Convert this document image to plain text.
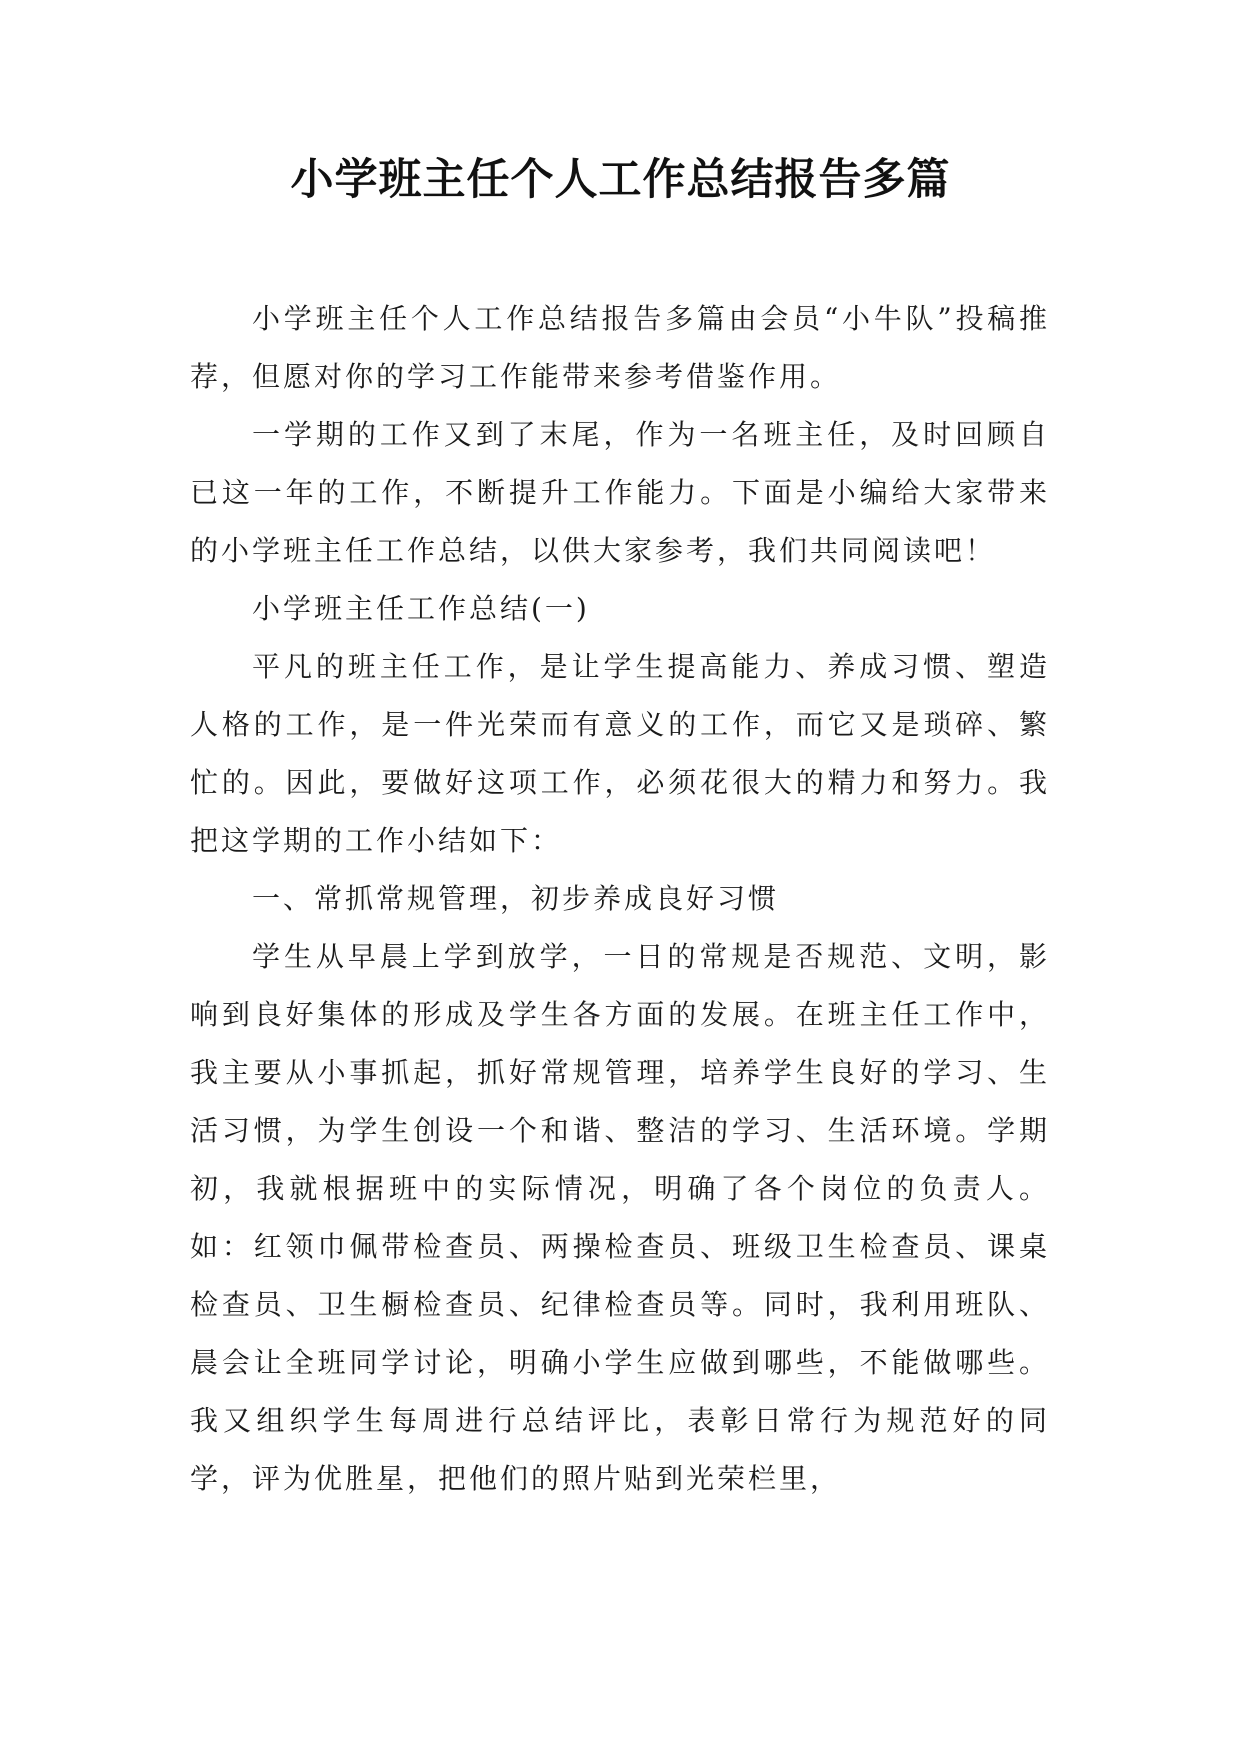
小学班主任个人工作总结报告多篇

小学班主任个人工作总结报告多篇由会员“小牛队”投稿推荐，但愿对你的学习工作能带来参考借鉴作用。

一学期的工作又到了末尾，作为一名班主任，及时回顾自已这一年的工作，不断提升工作能力。下面是小编给大家带来的小学班主任工作总结，以供大家参考，我们共同阅读吧！

小学班主任工作总结(一)

平凡的班主任工作，是让学生提高能力、养成习惯、塑造人格的工作，是一件光荣而有意义的工作，而它又是琐碎、繁忙的。因此，要做好这项工作，必须花很大的精力和努力。我把这学期的工作小结如下：

一、常抓常规管理，初步养成良好习惯

学生从早晨上学到放学，一日的常规是否规范、文明，影响到良好集体的形成及学生各方面的发展。在班主任工作中，我主要从小事抓起，抓好常规管理，培养学生良好的学习、生活习惯，为学生创设一个和谐、整洁的学习、生活环境。学期初，我就根据班中的实际情况，明确了各个岗位的负责人。如：红领巾佩带检查员、两操检查员、班级卫生检查员、课桌检查员、卫生橱检查员、纪律检查员等。同时，我利用班队、晨会让全班同学讨论，明确小学生应做到哪些，不能做哪些。我又组织学生每周进行总结评比，表彰日常行为规范好的同学，评为优胜星，把他们的照片贴到光荣栏里，
